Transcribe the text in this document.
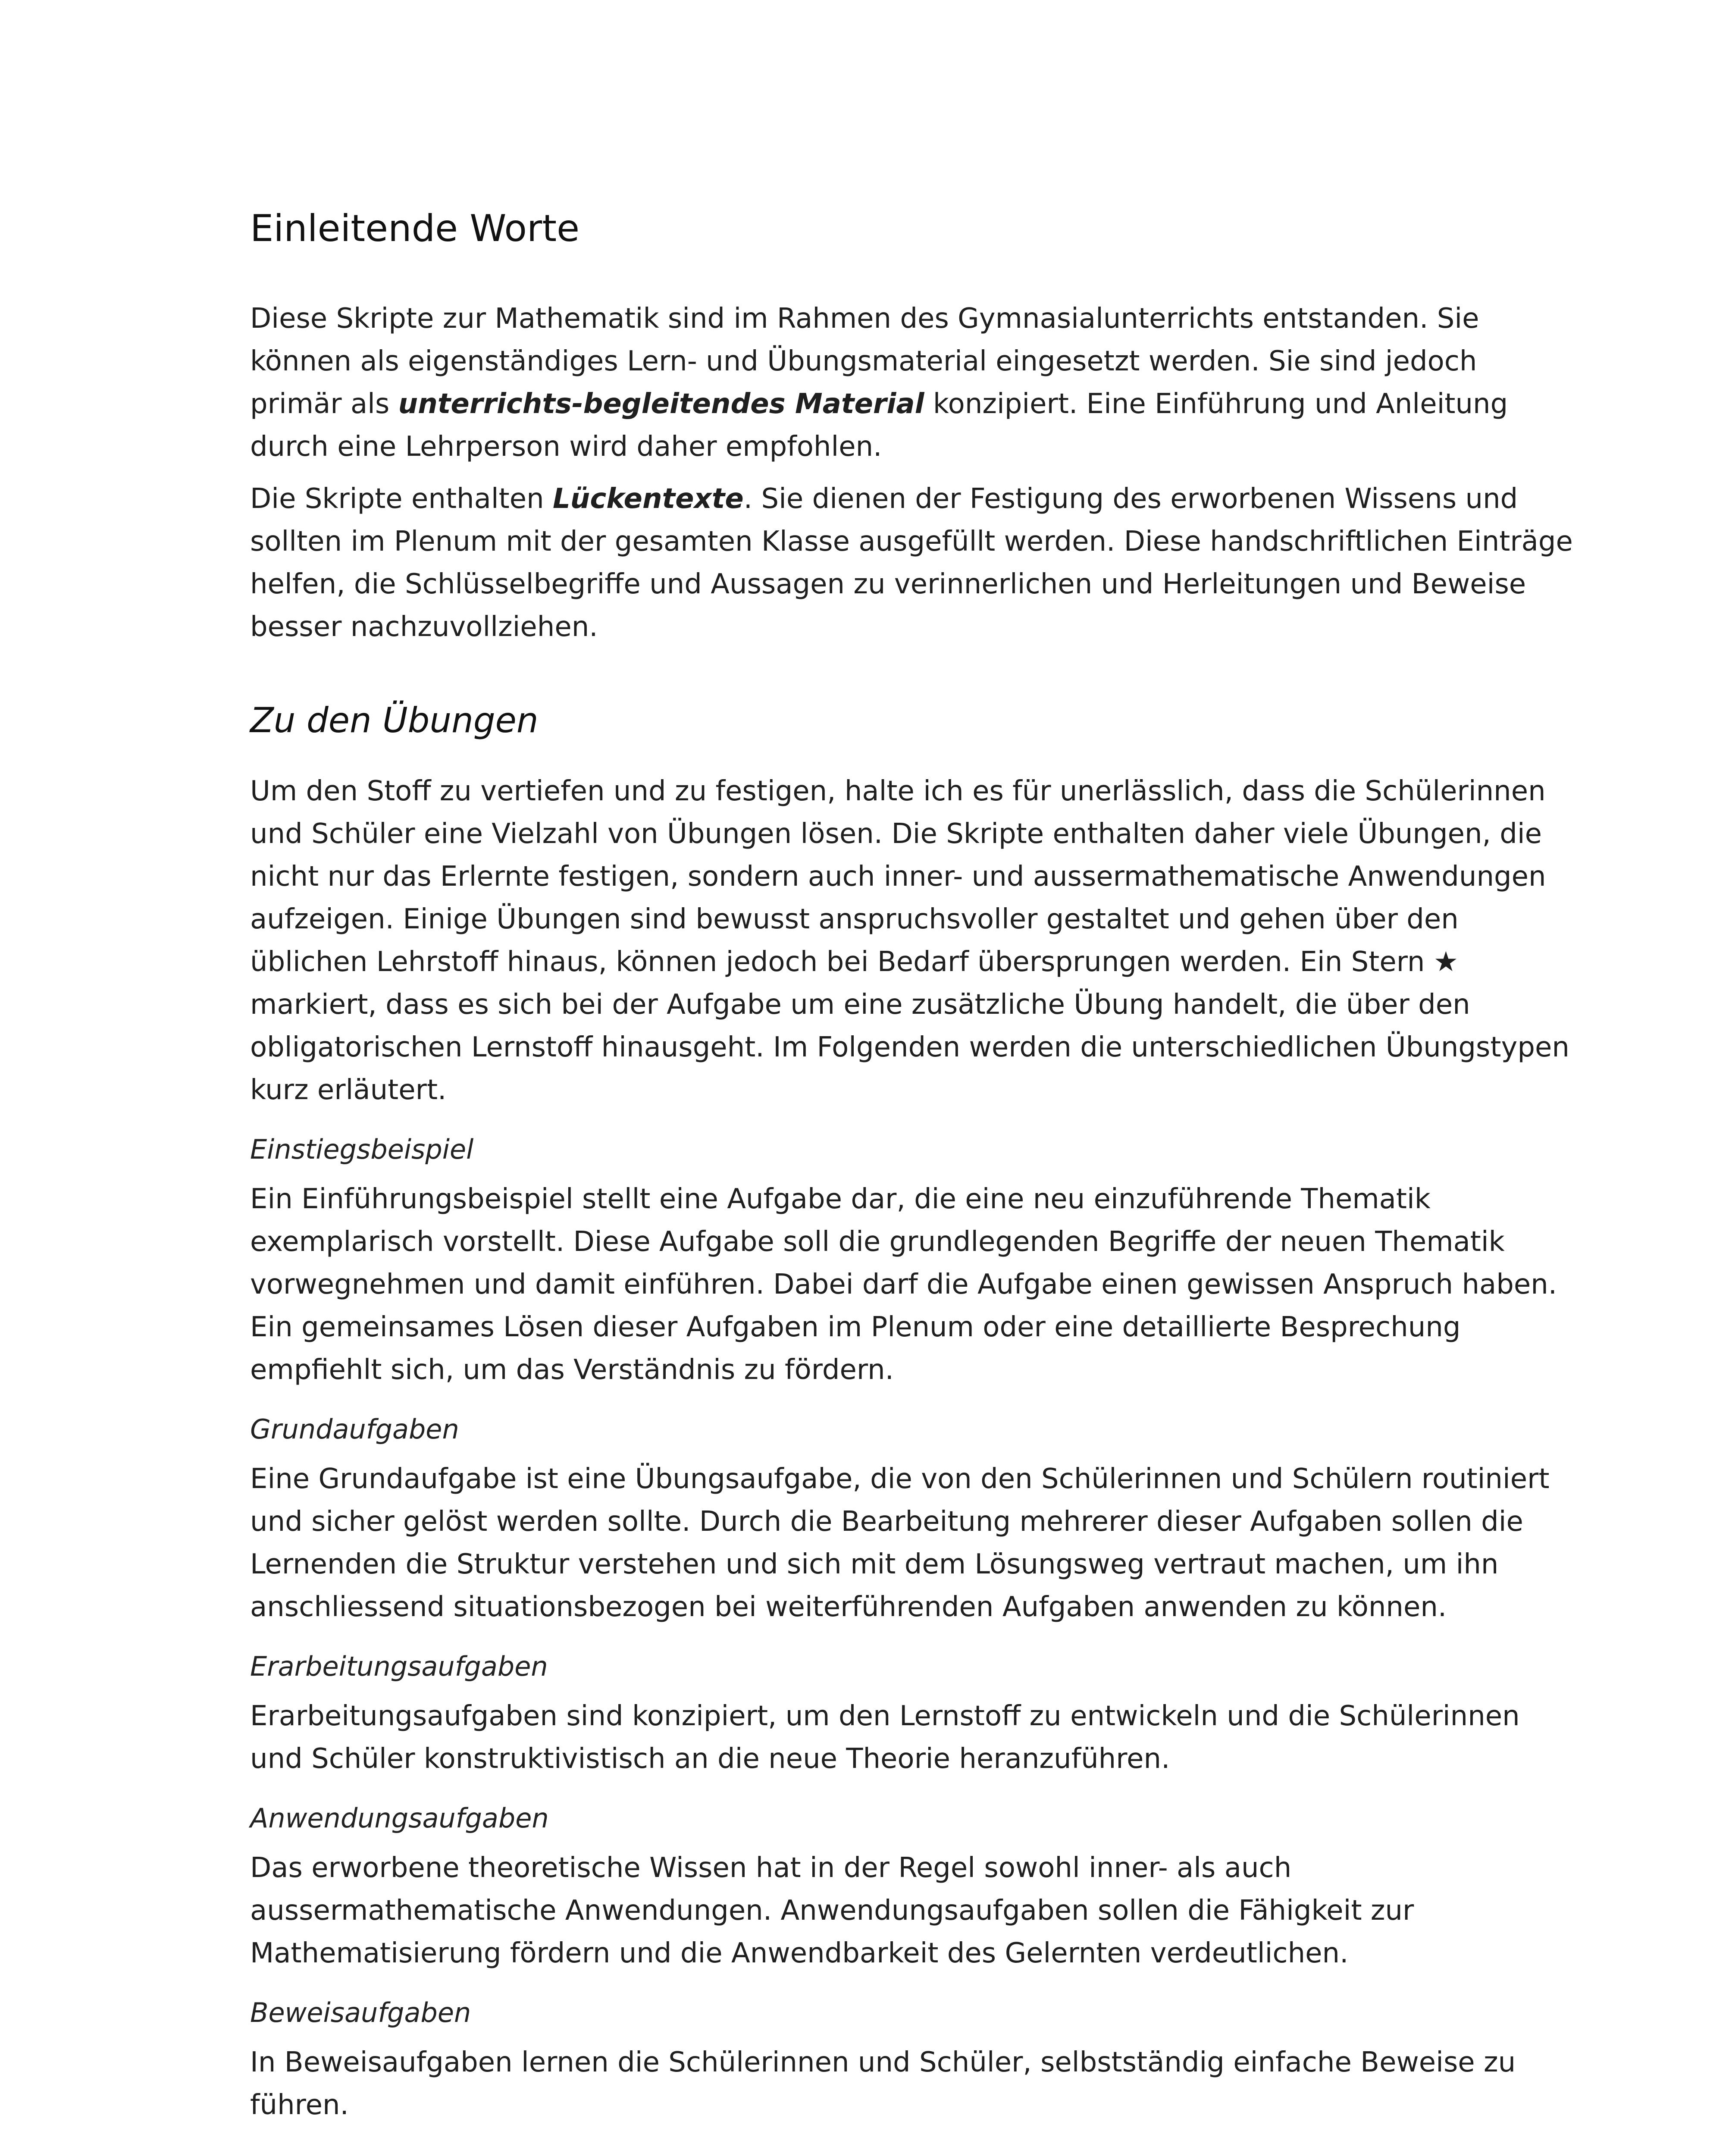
Einleitende Worte

Diese Skripte zur Mathematik sind im Rahmen des Gymnasialunterrichts entstanden. Sie können als eigenständiges Lern- und Übungsmaterial eingesetzt werden. Sie sind jedoch primär als unterrichts-begleitendes Material konzipiert. Eine Einführung und Anleitung durch eine Lehrperson wird daher empfohlen.

Die Skripte enthalten Lückentexte. Sie dienen der Festigung des erworbenen Wissens und sollten im Plenum mit der gesamten Klasse ausgefüllt werden. Diese handschriftlichen Einträge helfen, die Schlüsselbegriffe und Aussagen zu verinnerlichen und Herleitungen und Beweise besser nachzuvollziehen.

Zu den Übungen

Um den Stoff zu vertiefen und zu festigen, halte ich es für unerlässlich, dass die Schülerinnen und Schüler eine Vielzahl von Übungen lösen. Die Skripte enthalten daher viele Übungen, die nicht nur das Erlernte festigen, sondern auch inner- und aussermathematische Anwendungen aufzeigen. Einige Übungen sind bewusst anspruchsvoller gestaltet und gehen über den üblichen Lehrstoff hinaus, können jedoch bei Bedarf übersprungen werden. Ein Stern ★ markiert, dass es sich bei der Aufgabe um eine zusätzliche Übung handelt, die über den obligatorischen Lernstoff hinausgeht. Im Folgenden werden die unterschiedlichen Übungstypen kurz erläutert.

Einstiegsbeispiel

Ein Einführungsbeispiel stellt eine Aufgabe dar, die eine neu einzuführende Thematik exemplarisch vorstellt. Diese Aufgabe soll die grundlegenden Begriffe der neuen Thematik vorwegnehmen und damit einführen. Dabei darf die Aufgabe einen gewissen Anspruch haben. Ein gemeinsames Lösen dieser Aufgaben im Plenum oder eine detaillierte Besprechung empfiehlt sich, um das Verständnis zu fördern.

Grundaufgaben

Eine Grundaufgabe ist eine Übungsaufgabe, die von den Schülerinnen und Schülern routiniert und sicher gelöst werden sollte. Durch die Bearbeitung mehrerer dieser Aufgaben sollen die Lernenden die Struktur verstehen und sich mit dem Lösungsweg vertraut machen, um ihn anschliessend situationsbezogen bei weiterführenden Aufgaben anwenden zu können.

Erarbeitungsaufgaben

Erarbeitungsaufgaben sind konzipiert, um den Lernstoff zu entwickeln und die Schülerinnen und Schüler konstruktivistisch an die neue Theorie heranzuführen.

Anwendungsaufgaben

Das erworbene theoretische Wissen hat in der Regel sowohl inner- als auch aussermathematische Anwendungen. Anwendungsaufgaben sollen die Fähigkeit zur Mathematisierung fördern und die Anwendbarkeit des Gelernten verdeutlichen.

Beweisaufgaben

In Beweisaufgaben lernen die Schülerinnen und Schüler, selbstständig einfache Beweise zu führen.
